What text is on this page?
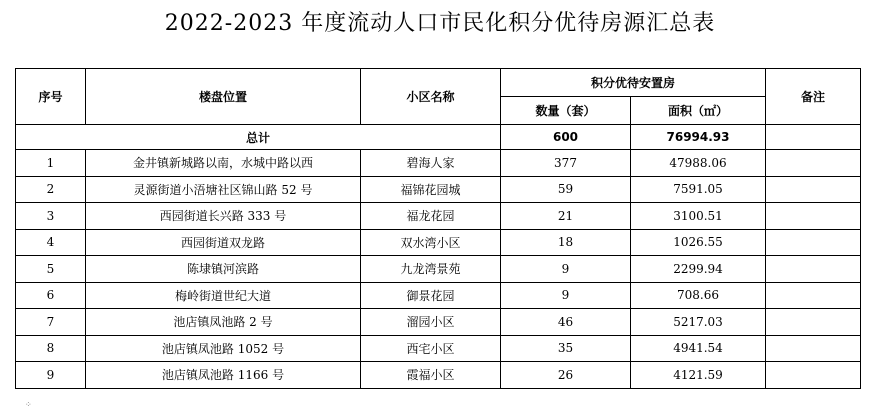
2022-2023 年度流动人口市民化积分优待房源汇总表
序号	楼盘位置	小区名称	积分优待安置房		备注
			数量（套）	面积（㎡）	
总计			600	76994.93	
1	金井镇新城路以南，水城中路以西	碧海人家	377	47988.06	
2	灵源街道小浯塘社区锦山路 52 号	福锦花园城	59	7591.05	
3	西园街道长兴路 333 号	福龙花园	21	3100.51	
4	西园街道双龙路	双水湾小区	18	1026.55	
5	陈埭镇河滨路	九龙湾景苑	9	2299.94	
6	梅岭街道世纪大道	御景花园	9	708.66	
7	池店镇凤池路 2 号	溜园小区	46	5217.03	
8	池店镇凤池路 1052 号	西宅小区	35	4941.54	
9	池店镇凤池路 1166 号	霞福小区	26	4121.59	
⁘
